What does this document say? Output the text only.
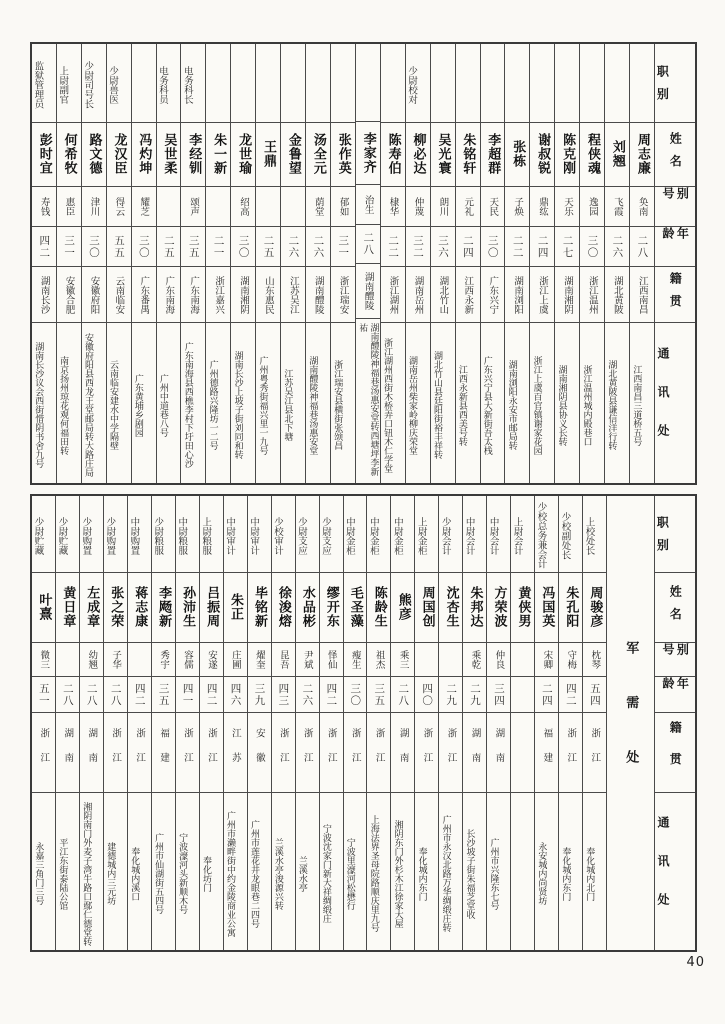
职别
姓名
别号
年龄
籍贯
通讯处
周志廉
奂南
二八
江西南昌
江西南昌三道桥五号
刘翘
飞霞
二六
湖北黄陂
湖北黄陂县谦信洋行转
程侠魂
逸园
三〇
浙江温州
浙江温州城内殿巷口
陈克刚
天乐
二七
湖南湘阴
湖南湘阴县协义长转
谢叔锐
鼎纮
二四
浙江上虞
浙江上虞百官镇谢家花园
张栋
子焕
二二
湖南浏阳
湖南浏阳永安市邮局转
李超群
天民
三〇
广东兴宁
广东兴宁县大新街吾太栈
朱铭轩
元礼
二四
江西永新
江西永新县西美号转
吴光寰
朗川
三六
湖北竹山
湖北竹山县廷阳街裕丰祥转
少尉校对
柳必达
仲蔑
三二
湖南岳州
湖南岳州柴家岭柳庆荣堂
陈寿伯
棣华
二二
浙江湖州
浙江湖州西街木桥弄口钮木仁学堂
李家齐
治生
二八
湖南醴陵
湖南醴陵神福巷汤惠安堂转西塘坪李新祐
张作英
郁如
三一
浙江瑞安
浙江瑞安县横街张颂昌
汤全元
荫堂
二六
湖南醴陵
湖南醴陵神福巷汤惠安堂
金鲁望
二六
江苏吴江
江苏吴江县北下塘
王鼎
二五
山东惠民
广州粤秀街福兴里一九号
龙世瑜
绍高
三〇
湖南湘阴
湖南长沙上坡子街刘同和转
朱一新
二一
浙江嘉兴
广州德路兴隆坊一二号
电务科长
李经钏
颂声
三五
广东南海
广东南海县西樵李村下圩田心沙
电务科员
吴世柔
二五
广东南海
广州中道巷八号
冯灼坤
耀芝
三〇
广东番禺
广东黄埔乡剧园
少尉兽医
龙汉臣
得云
五五
云南临安
云南临安建水中学隔壁
少尉司号长
路文德
津川
三〇
安徽府阳
安徽府阳县西龙王堂邮局转大路庄局
上尉副官
何希牧
惠臣
三一
安徽合肥
南京扬州琼花观何福田转
监狱管理员
彭时宜
寿钱
四二
湖南长沙
湖南长沙议会西街惜阴书舍九号
职别
姓名
别号
年龄
籍贯
通讯处
军需处
上校处长
周骏彦
枕琴
五四
浙江
奉化城内北门
少校副处长
朱孔阳
守梅
四二
浙江
奉化城内东门
少校总务兼会计
冯国英
宋卿
二四
福建
永安城内尚贤坊
上尉会计
黄侠男
中尉会计
方荣波
仲良
三四
湖南
广州市兴隆东七号
中尉会计
朱邦达
乘乾
二九
湖南
长沙坡子街朱福芝堂收
少尉会计
沈杏生
二九
浙江
广州市永汉北路万华绸缎庄转
上尉金柜
周国创
四〇
浙江
奉化城内东门
中尉金柜
熊彦
乘三
二八
湖南
湘阴东门外杉木江徐家大屋
中尉金柜
陈龄生
祖杰
三五
浙江
上海法界圣母院路顺庆里九号
中尉金柜
毛圣藻
瘦生
三〇
浙江
宁波里濠河松懋行
少尉支应
缪开东
怿仙
四二
浙江
宁波沈家门新大祥绸缎庄
少尉支应
水品彬
尹斌
二六
浙江
兰溪水亭
少校审计
徐浚熔
昆吾
四三
浙江
兰溪水亭浚源兴转
中尉审计
毕铭新
燿奎
三九
安徽
广州市莲花井龙眼巷二四号
中尉审计
朱正
庄圃
四六
江苏
广州市濑畔街中约金陵商业公寓
上尉粮服
吕振周
安遂
四二
浙江
奉化坊门
中尉粮服
孙沛生
容儒
四一
浙江
宁波濠河头新顺木号
少尉粮服
李飏新
秀宇
三五
福建
广州市仙湖街五四号
中尉购置
蒋志康
四二
浙江
奉化城内溪口
少尉购置
张之荣
子华
二八
浙江
建德城内三元坊
少尉购置
左成章
幼翘
二八
湖南
湘阴南门外麦子湾牛路口鄢仁德堂转
少尉贮藏
黄日章
二八
湖南
平江东街泰陆公馆
少尉贮藏
叶熹
微三
五一
浙江
永嘉三角门三号
40
